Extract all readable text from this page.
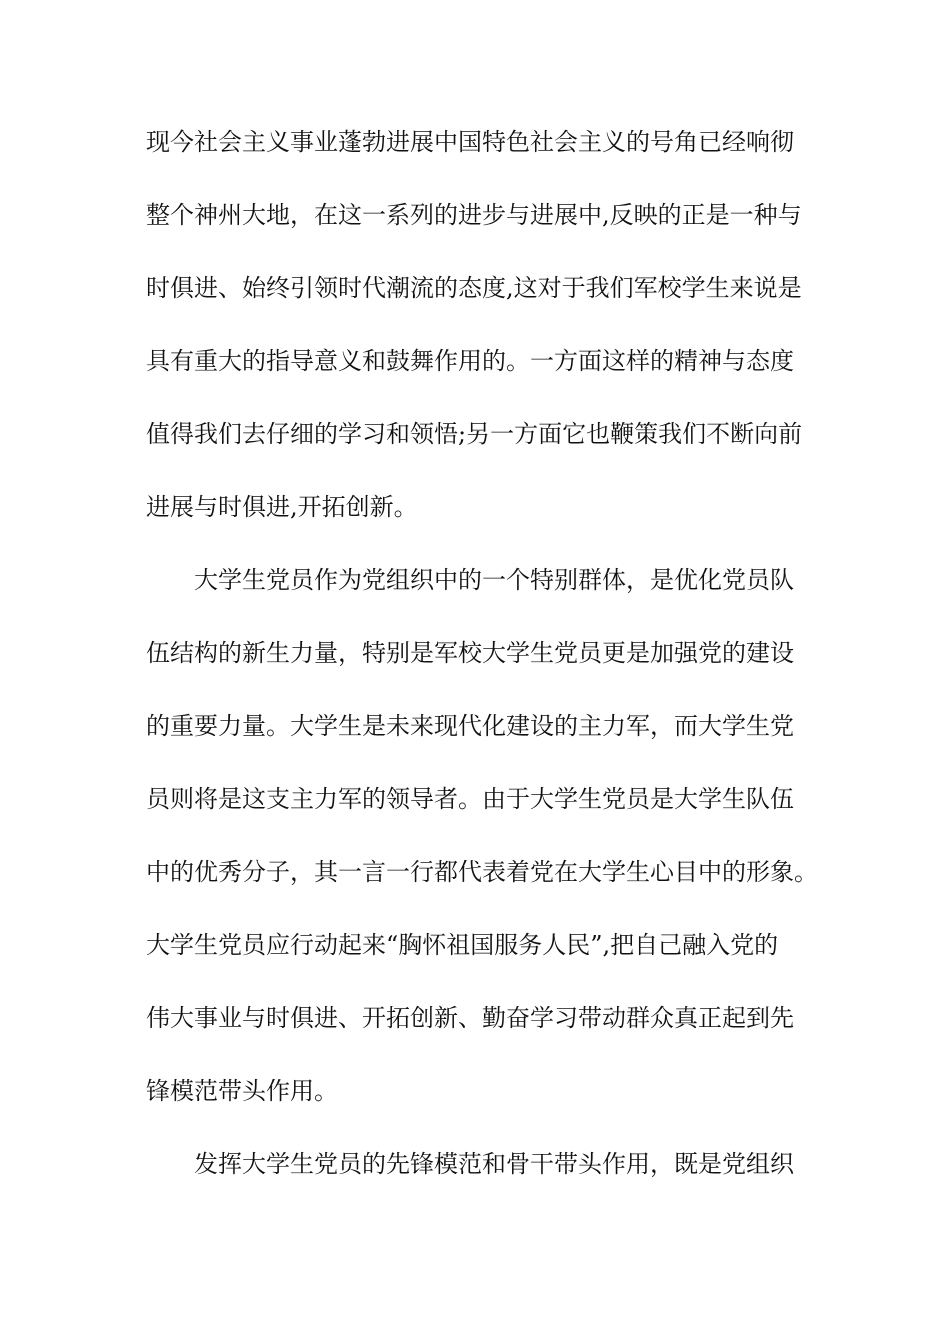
现今社会主义事业蓬勃进展中国特色社会主义的号角已经响彻
整个神州大地，在这一系列的进步与进展中,反映的正是一种与
时俱进、始终引领时代潮流的态度,这对于我们军校学生来说是
具有重大的指导意义和鼓舞作用的。一方面这样的精神与态度
值得我们去仔细的学习和领悟;另一方面它也鞭策我们不断向前
进展与时俱进,开拓创新。
大学生党员作为党组织中的一个特别群体，是优化党员队
伍结构的新生力量，特别是军校大学生党员更是加强党的建设
的重要力量。大学生是未来现代化建设的主力军，而大学生党
员则将是这支主力军的领导者。由于大学生党员是大学生队伍
中的优秀分子，其一言一行都代表着党在大学生心目中的形象。
大学生党员应行动起来“胸怀祖国服务人民”,把自己融入党的
伟大事业与时俱进、开拓创新、勤奋学习带动群众真正起到先
锋模范带头作用。
发挥大学生党员的先锋模范和骨干带头作用，既是党组织
